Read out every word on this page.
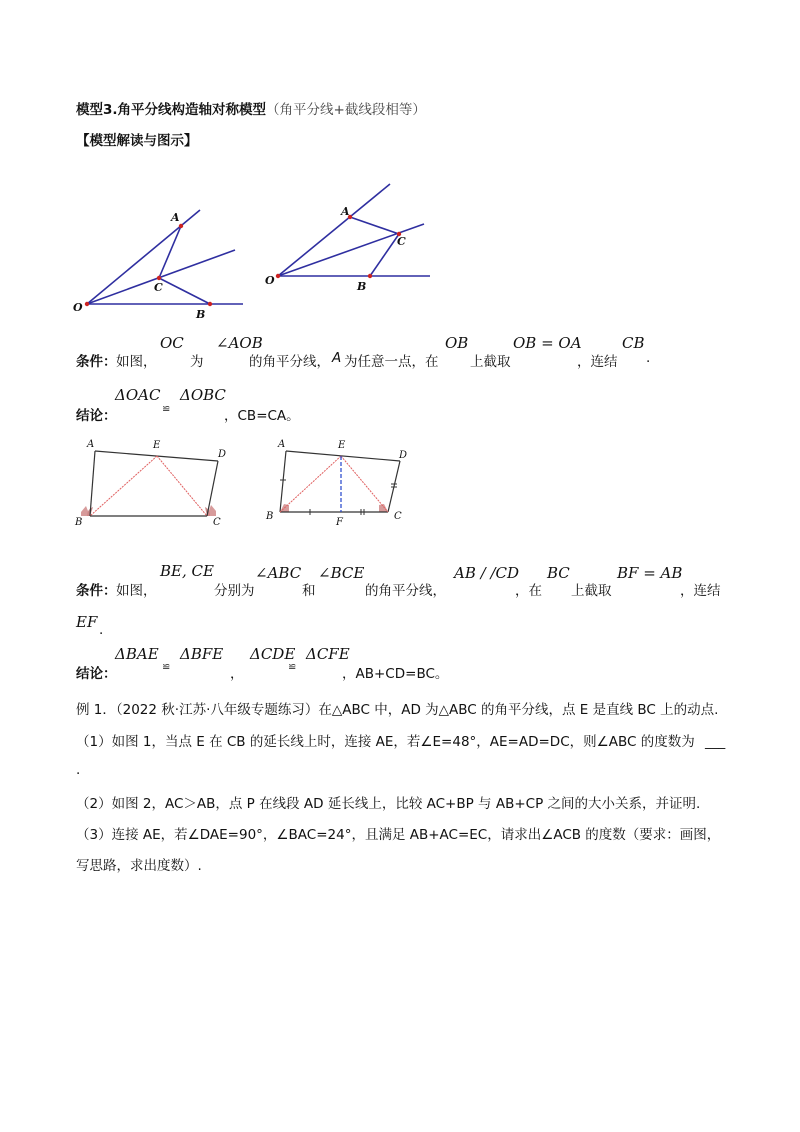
模型3.角平分线构造轴对称模型（角平分线+截线段相等）
【模型解读与图示】
A
C
O
B
A
C
O	B
条件： 如图，
OC
为
∠AOB
的角平分线， A 为任意一点，在
OB
上截取
OB = OA
，连结
CB
.
结论：
ΔOAC
≌
ΔOBC
，CB=CA。
A	E
D
B	C
A	E
D
B
F
C
条件： 如图，
BE, CE
分别为
∠ABC
和
∠BCE
的角平分线，
AB / /CD
，在
BC
上截取
BF = AB
，连结
EF .
结论：
ΔBAE
≌
ΔBFE
，
ΔCDE
≌
ΔCFE
，AB+CD=BC。
例 1．（2022 秋·江苏·八年级专题练习）在△ABC 中，AD 为△ABC 的角平分线，点 E 是直线 BC 上的动点.
（1）如图 1，当点 E 在 CB 的延长线上时，连接 AE，若∠E=48°，AE=AD=DC，则∠ABC 的度数为 ___
.
（2）如图 2，AC＞AB，点 P 在线段 AD 延长线上，比较 AC+BP 与 AB+CP 之间的大小关系，并证明.
（3）连接 AE，若∠DAE=90°，∠BAC=24°，且满足 AB+AC=EC，请求出∠ACB 的度数（要求：画图，
写思路，求出度数）.
